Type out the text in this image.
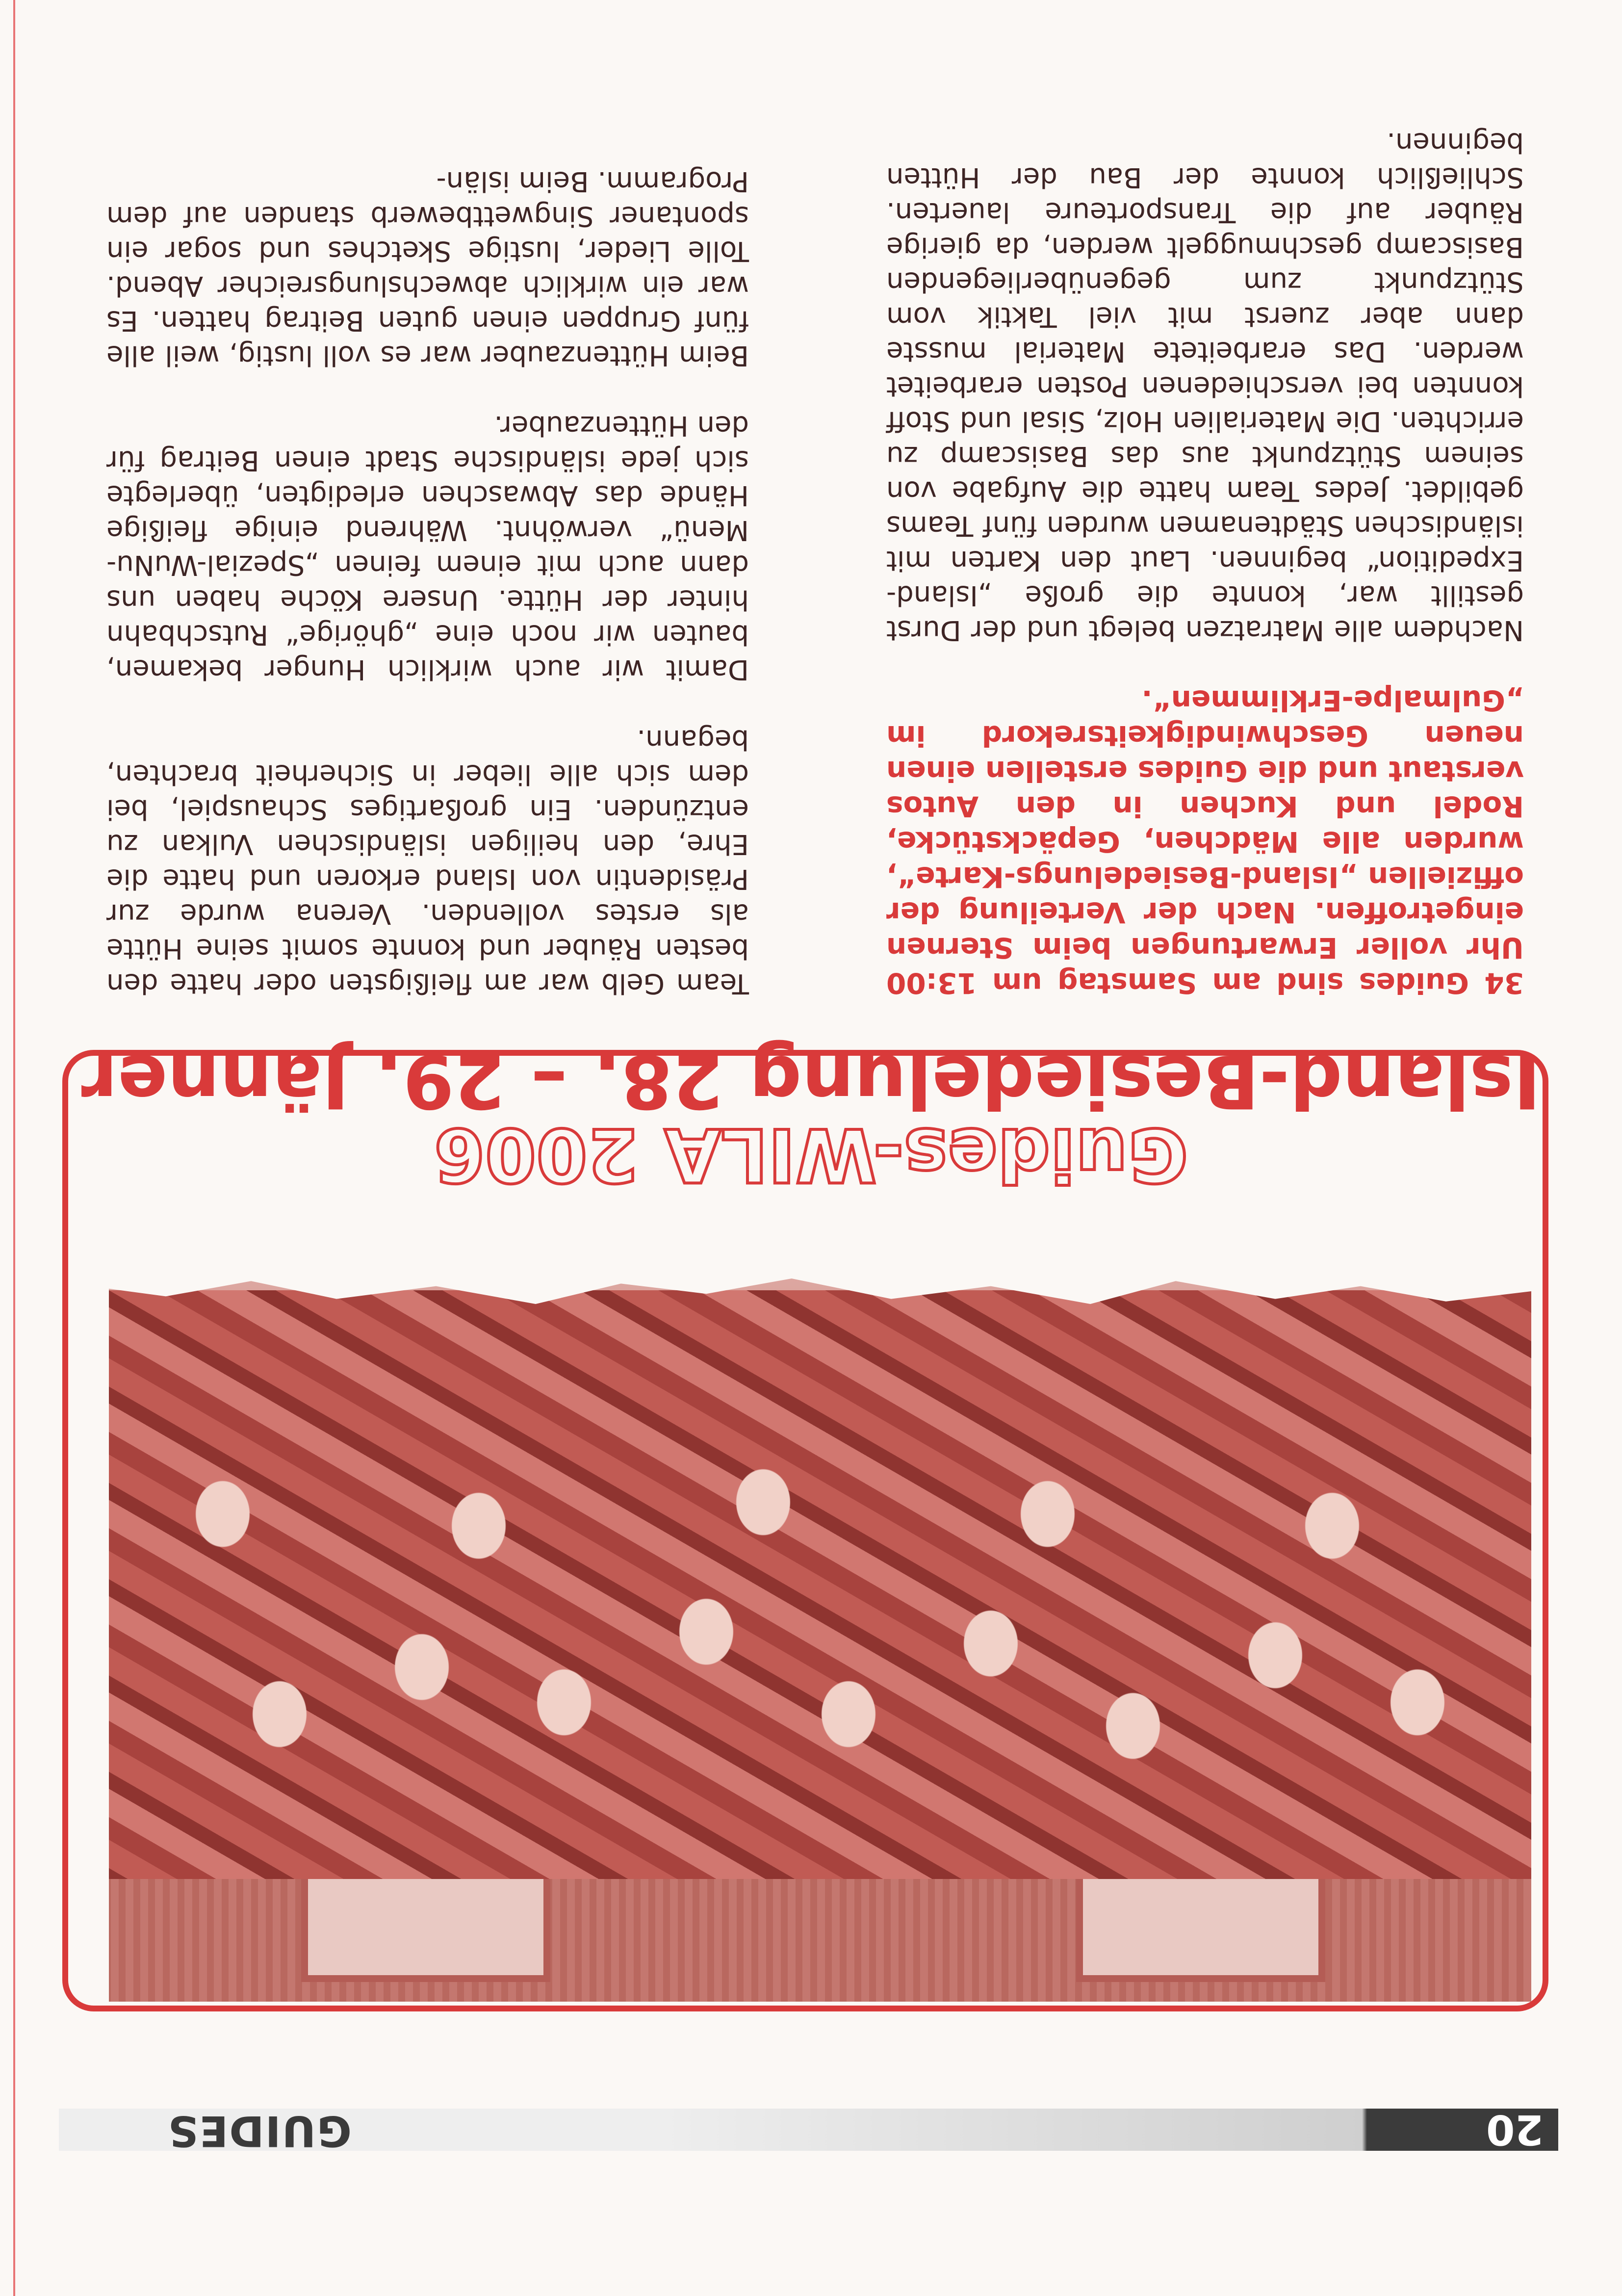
20
GUIDES
Guides-WILA 2006
Island-Besiedelung 28. – 29. Jänner

34 Guides sind am Samstag um 13:00 Uhr voller Erwartungen beim Sternen eingetroffen. Nach der Verteilung der offiziellen „Island-Besiedelungs-Karte“, wurden alle Mädchen, Gepäckstücke, Rodel und Kuchen in den Autos verstaut und die Guides erstellen einen neuen Geschwindigkeitsrekord im „Gulmalpe-Erklimmen“.

Nachdem alle Matratzen belegt und der Durst gestillt war, konnte die große „Island-Expedition“ beginnen. Laut den Karten mit isländischen Städtenamen wurden fünf Teams gebildet. Jedes Team hatte die Aufgabe von seinem Stützpunkt aus das Basiscamp zu errichten. Die Materialien Holz, Sisal und Stoff konnten bei verschiedenen Posten erarbeitet werden. Das erarbeitete Material musste dann aber zuerst mit viel Taktik vom Stützpunkt zum gegenüberliegenden Basiscamp geschmuggelt werden, da gierige Räuber auf die Transporteure lauerten. Schließlich konnte der Bau der Hütten beginnen.

Team Gelb war am fleißigsten oder hatte den besten Räuber und konnte somit seine Hütte als erstes vollenden. Verena wurde zur Präsidentin von Island erkoren und hatte die Ehre, den heiligen isländischen Vulkan zu entzünden. Ein großartiges Schauspiel, bei dem sich alle lieber in Sicherheit brachten, begann.

Damit wir auch wirklich Hunger bekamen, bauten wir noch eine „ghörige“ Rutschbahn hinter der Hütte. Unsere Köche haben uns dann auch mit einem feinen „Spezial-WuNu-Menü“ verwöhnt. Während einige fleißige Hände das Abwaschen erledigten, überlegte sich jede isländische Stadt einen Beitrag für den Hüttenzauber.

Beim Hüttenzauber war es voll lustig, weil alle fünf Gruppen einen guten Beitrag hatten. Es war ein wirklich abwechslungsreicher Abend. Tolle Lieder, lustige Sketches und sogar ein spontaner Singwettbewerb standen auf dem Programm. Beim islän-
